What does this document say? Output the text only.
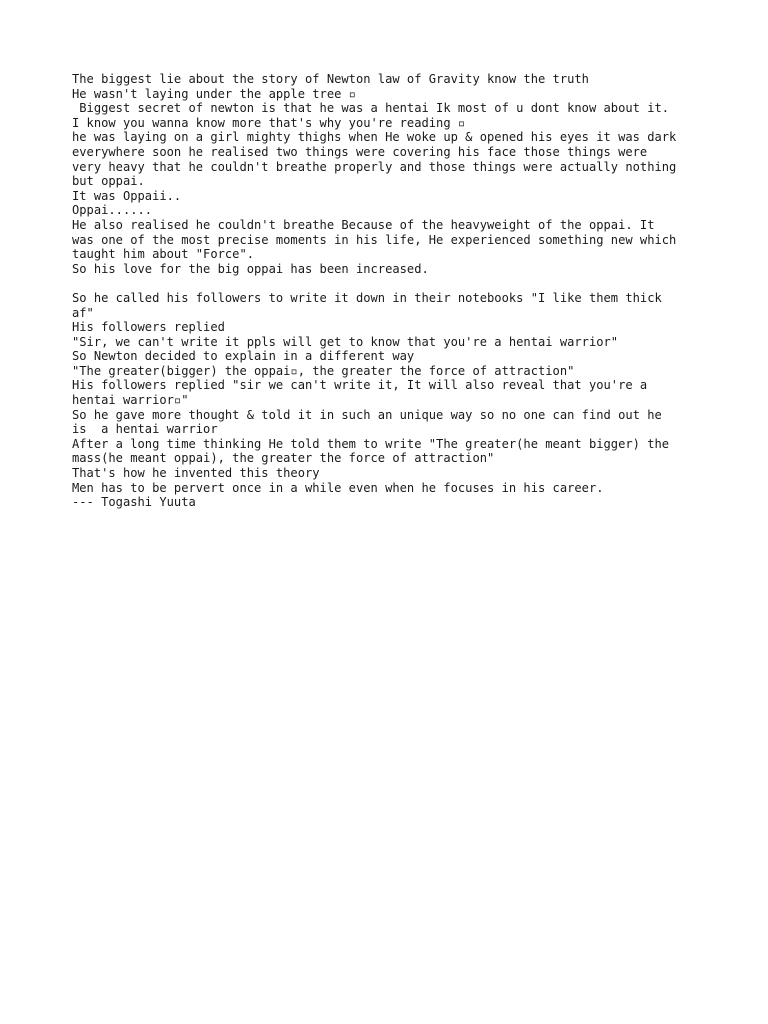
The biggest lie about the story of Newton law of Gravity know the truth
He wasn't laying under the apple tree ▫
Biggest secret of newton is that he was a hentai Ik most of u dont know about it.
I know you wanna know more that's why you're reading ▫
he was laying on a girl mighty thighs when He woke up & opened his eyes it was dark
everywhere soon he realised two things were covering his face those things were
very heavy that he couldn't breathe properly and those things were actually nothing
but oppai.
It was Oppaii..
Oppai......
He also realised he couldn't breathe Because of the heavyweight of the oppai. It
was one of the most precise moments in his life, He experienced something new which
taught him about "Force".
So his love for the big oppai has been increased.
So he called his followers to write it down in their notebooks "I like them thick
af"
His followers replied
"Sir, we can't write it ppls will get to know that you're a hentai warrior"
So Newton decided to explain in a different way
"The greater(bigger) the oppai▫, the greater the force of attraction"
His followers replied "sir we can't write it, It will also reveal that you're a
hentai warrior▫"
So he gave more thought & told it in such an unique way so no one can find out he
is  a hentai warrior
After a long time thinking He told them to write "The greater(he meant bigger) the
mass(he meant oppai), the greater the force of attraction"
That's how he invented this theory
Men has to be pervert once in a while even when he focuses in his career.
--- Togashi Yuuta
